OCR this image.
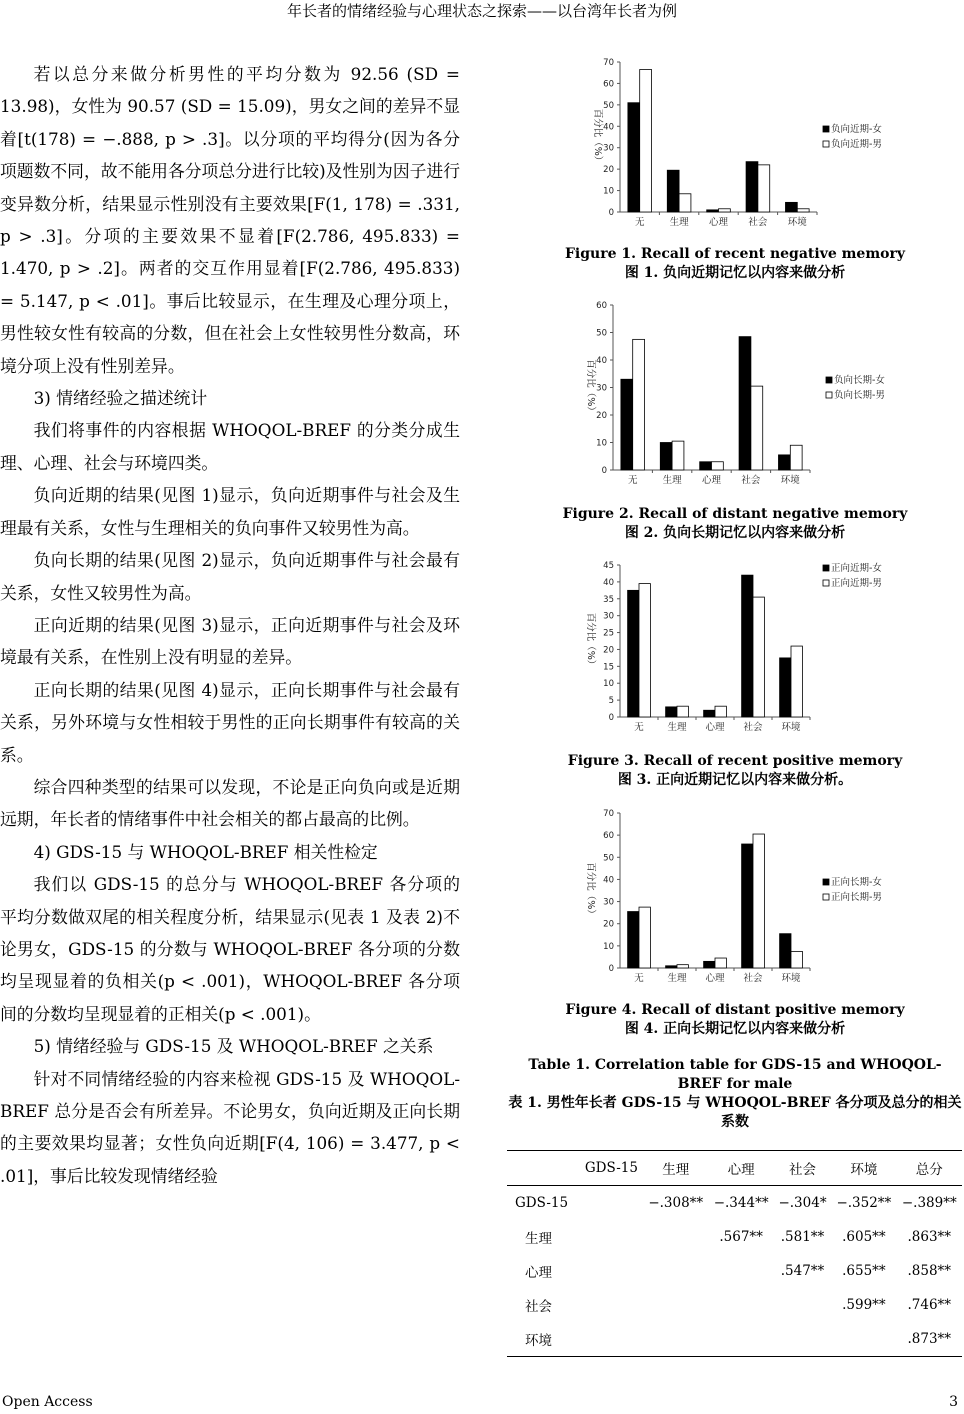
年长者的情绪经验与心理状态之探索——以台湾年长者为例

若以总分来做分析男性的平均分数为 92.56 (SD = 13.98)，女性为 90.57 (SD = 15.09)，男女之间的差异不显着[t(178) = −.888, p > .3]。以分项的平均得分(因为各分项题数不同，故不能用各分项总分进行比较)及性别为因子进行变异数分析，结果显示性别没有主要效果[F(1, 178) = .331, p > .3]。分项的主要效果不显着[F(2.786, 495.833) = 1.470, p > .2]。两者的交互作用显着[F(2.786, 495.833) = 5.147, p < .01]。事后比较显示，在生理及心理分项上，男性较女性有较高的分数，但在社会上女性较男性分数高，环境分项上没有性别差异。

3) 情绪经验之描述统计

我们将事件的内容根据 WHOQOL-BREF 的分类分成生理、心理、社会与环境四类。

负向近期的结果(见图 1)显示，负向近期事件与社会及生理最有关系，女性与生理相关的负向事件又较男性为高。

负向长期的结果(见图 2)显示，负向近期事件与社会最有关系，女性又较男性为高。

正向近期的结果(见图 3)显示，正向近期事件与社会及环境最有关系，在性别上没有明显的差异。

正向长期的结果(见图 4)显示，正向长期事件与社会最有关系，另外环境与女性相较于男性的正向长期事件有较高的关系。

综合四种类型的结果可以发现，不论是正向负向或是近期远期，年长者的情绪事件中社会相关的都占最高的比例。

4) GDS-15 与 WHOQOL-BREF 相关性检定

我们以 GDS-15 的总分与 WHOQOL-BREF 各分项的平均分数做双尾的相关程度分析，结果显示(见表 1 及表 2)不论男女，GDS-15 的分数与 WHOQOL-BREF 各分项的分数均呈现显着的负相关(p < .001)，WHOQOL-BREF 各分项间的分数均呈现显着的正相关(p < .001)。

5) 情绪经验与 GDS-15 及 WHOQOL-BREF 之关系

针对不同情绪经验的内容来检视 GDS-15 及 WHOQOL-BREF 总分是否会有所差异。不论男女，负向近期及正向长期的主要效果均显著；女性负向近期[F(4, 106) = 3.477, p < .01]，事后比较发现情绪经验

0
10
20
30
40
50
60
70
百分比（%）
无	生理 心理 社会 环境
负向近期-女
负向近期-男
Figure 1. Recall of recent negative memory
图 1. 负向近期记忆以内容来做分析
0
10
20
30
40
50
60
百分比（%）
无	生理 心理 社会 环境
负向长期-女
负向长期-男
Figure 2. Recall of distant negative memory
图 2. 负向长期记忆以内容来做分析
0
5
10
15
20
25
30
35
40
45
百分比（%）
无 生理 心理 社会 环境
正向近期-女
正向近期-男
Figure 3. Recall of recent positive memory
图 3. 正向近期记忆以内容来做分析。
0
10
20
30
40
50
60
70
百分比（%）
无 生理 心理 社会 环境
正向长期-女
正向长期-男
Figure 4. Recall of distant positive memory
图 4. 正向长期记忆以内容来做分析
Table 1. Correlation table for GDS-15 and WHOQOL-BREF for male
表 1. 男性年长者 GDS-15 与 WHOQOL-BREF 各分项及总分的相关系数
	GDS-15	生理	心理	社会	环境	总分
GDS-15		−.308**	−.344**	−.304*	−.352**	−.389**
生理			.567**	.581**	.605**	.863**
心理				.547**	.655**	.858**
社会					.599**	.746**
环境						.873**
Open Access	3
